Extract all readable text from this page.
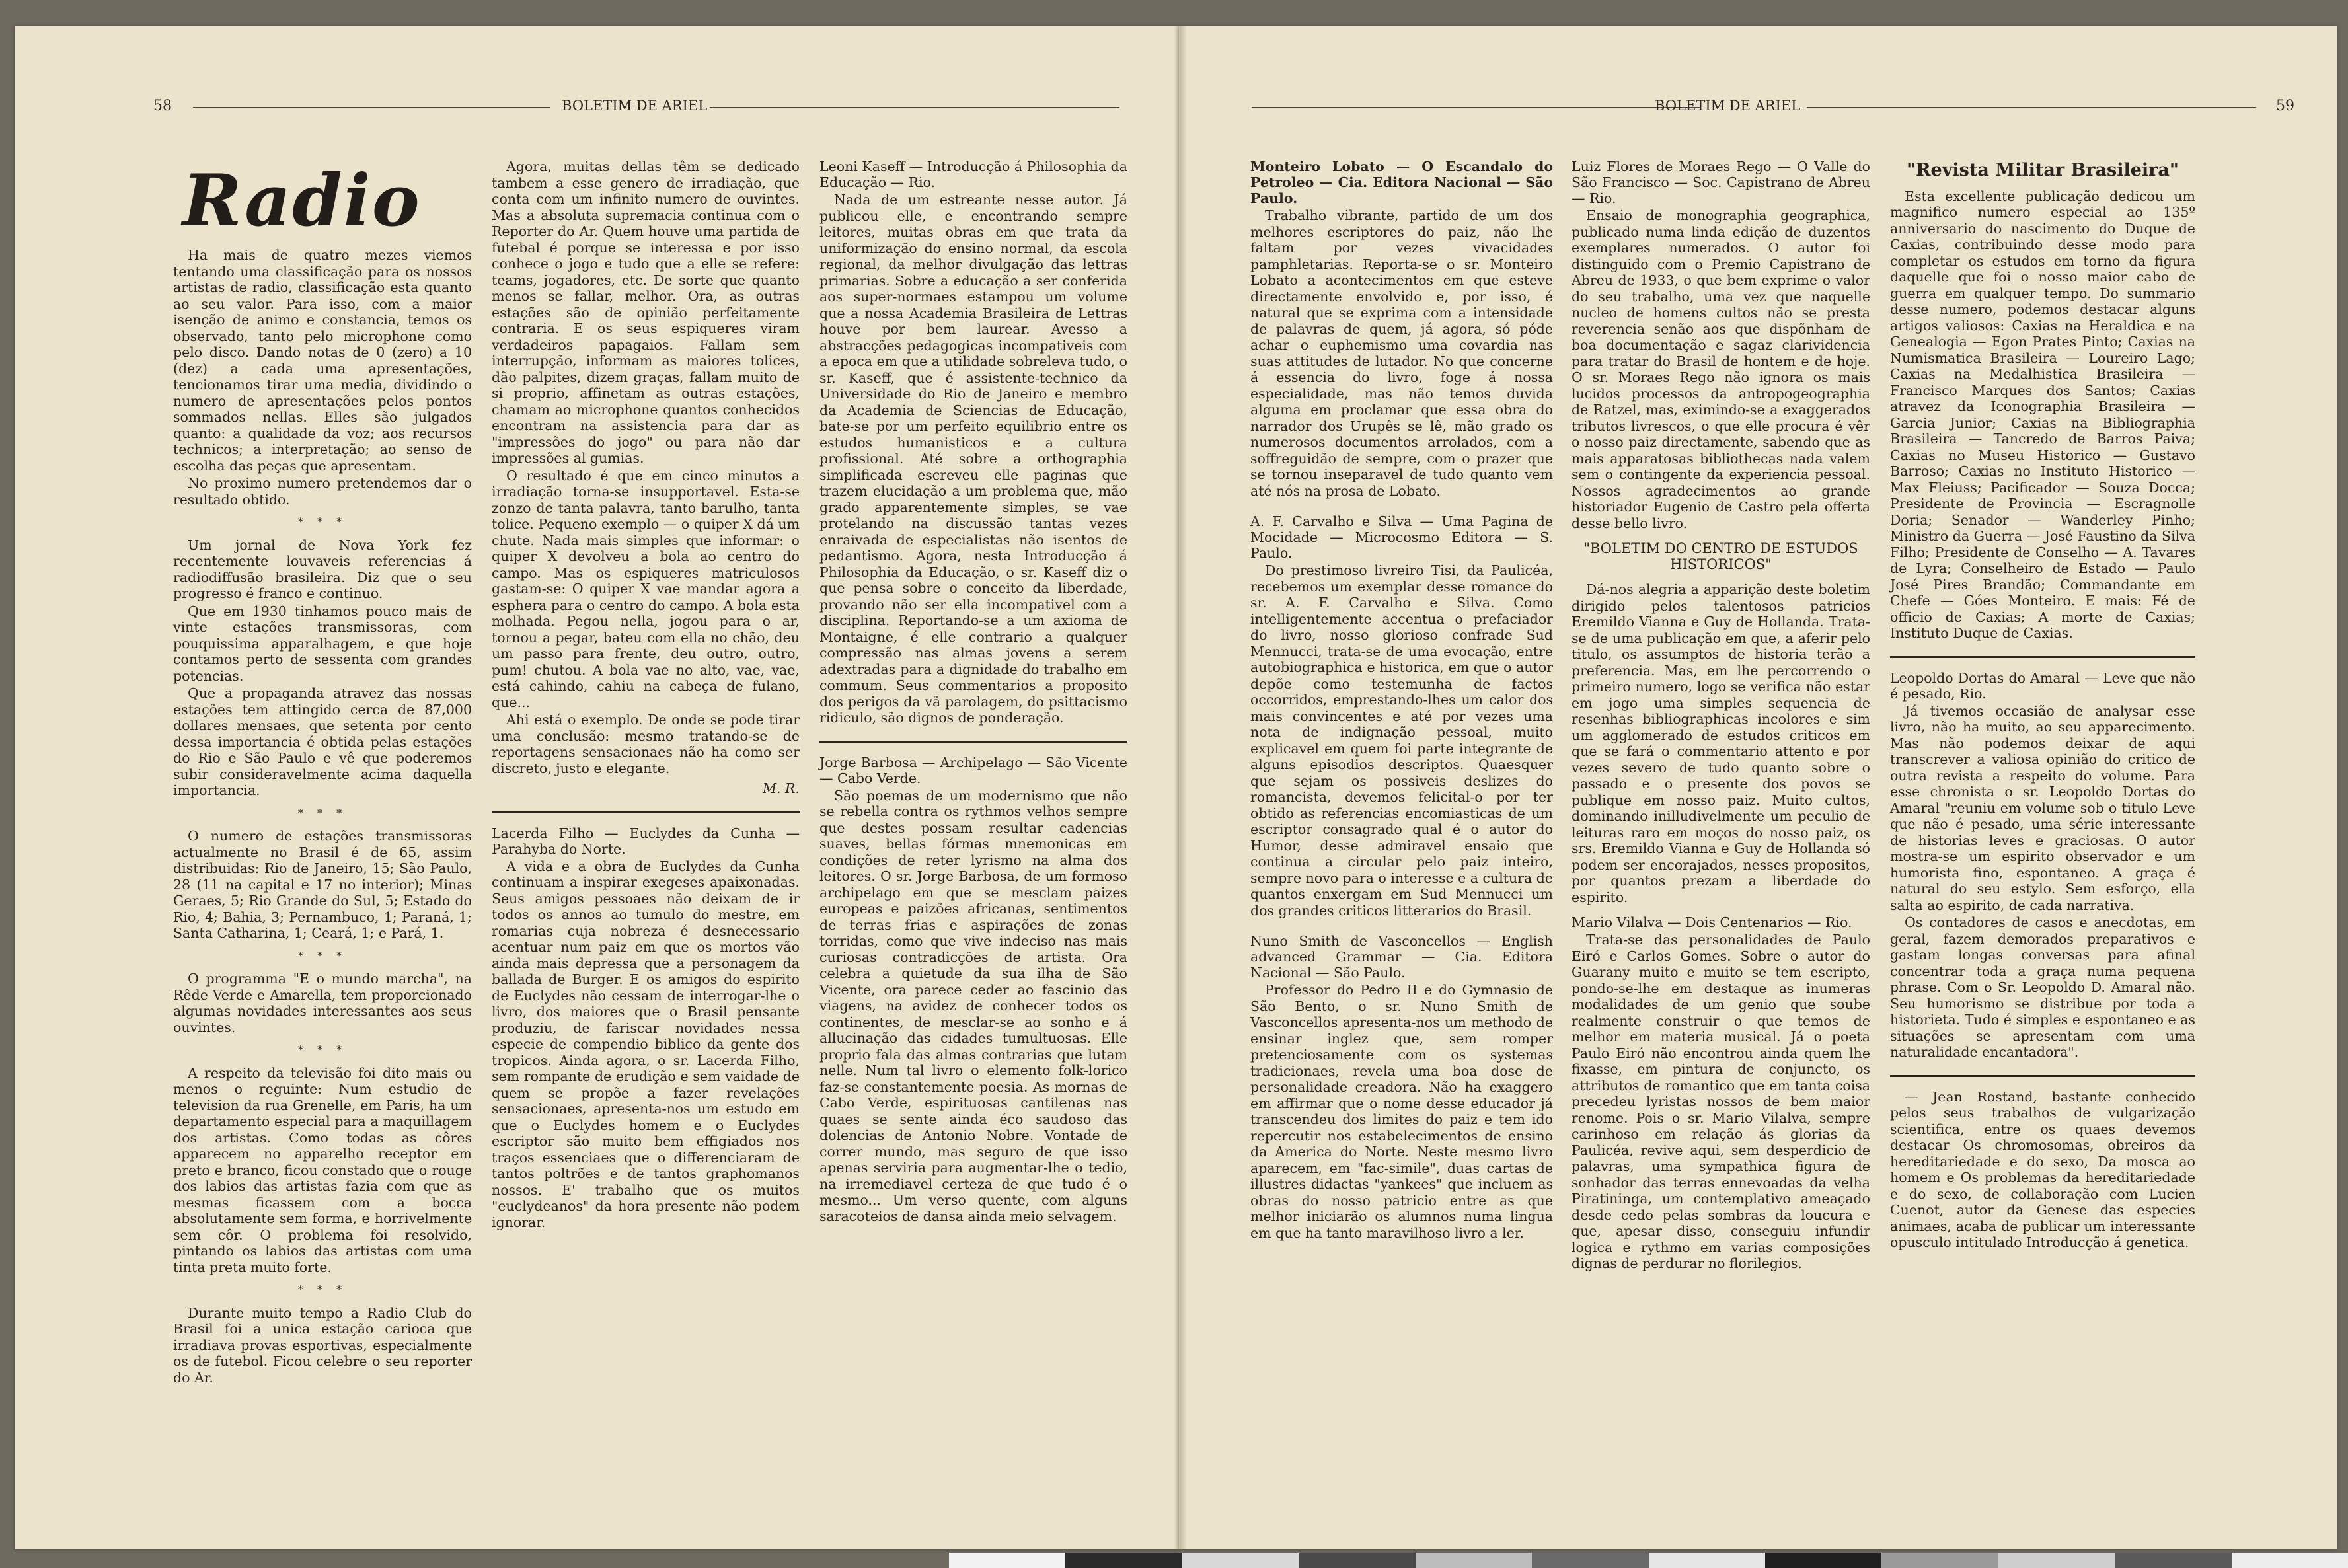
58	BOLETIM DE ARIEL
Radio

Ha mais de quatro mezes viemos tentando uma classificação para os nossos artistas de radio, classificação esta quanto ao seu valor. Para isso, com a maior isenção de animo e constancia, temos os observado, tanto pelo microphone como pelo disco. Dando notas de 0 (zero) a 10 (dez) a cada uma apresentações, tencionamos tirar uma media, dividindo o numero de apresentações pelos pontos sommados nellas. Elles são julgados quanto: a qualidade da voz; aos recursos technicos; a interpretação; ao senso de escolha das peças que apresentam.

No proximo numero pretendemos dar o resultado obtido.

* * *

Um jornal de Nova York fez recentemente louvaveis referencias á radiodiffusão brasileira. Diz que o seu progresso é franco e continuo.

Que em 1930 tinhamos pouco mais de vinte estações transmissoras, com pouquissima apparalhagem, e que hoje contamos perto de sessenta com grandes potencias.

Que a propaganda atravez das nossas estações tem attingido cerca de 87,000 dollares mensaes, que setenta por cento dessa importancia é obtida pelas estações do Rio e São Paulo e vê que poderemos subir consideravelmente acima daquella importancia.

* * *

O numero de estações transmissoras actualmente no Brasil é de 65, assim distribuidas: Rio de Janeiro, 15; São Paulo, 28 (11 na capital e 17 no interior); Minas Geraes, 5; Rio Grande do Sul, 5; Estado do Rio, 4; Bahia, 3; Pernambuco, 1; Paraná, 1; Santa Catharina, 1; Ceará, 1; e Pará, 1.

* * *

O programma "E o mundo marcha", na Rêde Verde e Amarella, tem proporcionado algumas novidades interessantes aos seus ouvintes.

* * *

A respeito da televisão foi dito mais ou menos o reguinte: Num estudio de television da rua Grenelle, em Paris, ha um departamento especial para a maquillagem dos artistas. Como todas as côres apparecem no apparelho receptor em preto e branco, ficou constado que o rouge dos labios das artistas fazia com que as mesmas ficassem com a bocca absolutamente sem forma, e horrivelmente sem côr. O problema foi resolvido, pintando os labios das artistas com uma tinta preta muito forte.

* * *

Durante muito tempo a Radio Club do Brasil foi a unica estação carioca que irradiava provas esportivas, especialmente os de futebol. Ficou celebre o seu reporter do Ar.

Agora, muitas dellas têm se dedicado tambem a esse genero de irradiação, que conta com um infinito numero de ouvintes. Mas a absoluta supremacia continua com o Reporter do Ar. Quem houve uma partida de futebal é porque se interessa e por isso conhece o jogo e tudo que a elle se refere: teams, jogadores, etc. De sorte que quanto menos se fallar, melhor. Ora, as outras estações são de opinião perfeitamente contraria. E os seus espiqueres viram verdadeiros papagaios. Fallam sem interrupção, informam as maiores tolices, dão palpites, dizem graças, fallam muito de si proprio, affinetam as outras estações, chamam ao microphone quantos conhecidos encontram na assistencia para dar as "impressões do jogo" ou para não dar impressões al gumias.

O resultado é que em cinco minutos a irradiação torna-se insupportavel. Esta-se zonzo de tanta palavra, tanto barulho, tanta tolice. Pequeno exemplo — o quiper X dá um chute. Nada mais simples que informar: o quiper X devolveu a bola ao centro do campo. Mas os espiqueres matriculosos gastam-se: O quiper X vae mandar agora a esphera para o centro do campo. A bola esta molhada. Pegou nella, jogou para o ar, tornou a pegar, bateu com ella no chão, deu um passo para frente, deu outro, outro, pum! chutou. A bola vae no alto, vae, vae, está cahindo, cahiu na cabeça de fulano, que...

Ahi está o exemplo. De onde se pode tirar uma conclusão: mesmo tratando-se de reportagens sensacionaes não ha como ser discreto, justo e elegante.

M. R.

Lacerda Filho — Euclydes da Cunha — Parahyba do Norte.

A vida e a obra de Euclydes da Cunha continuam a inspirar exegeses apaixonadas. Seus amigos pessoaes não deixam de ir todos os annos ao tumulo do mestre, em romarias cuja nobreza é desnecessario acentuar num paiz em que os mortos vão ainda mais depressa que a personagem da ballada de Burger. E os amigos do espirito de Euclydes não cessam de interrogar-lhe o livro, dos maiores que o Brasil pensante produziu, de fariscar novidades nessa especie de compendio biblico da gente dos tropicos. Ainda agora, o sr. Lacerda Filho, sem rompante de erudição e sem vaidade de quem se propõe a fazer revelações sensacionaes, apresenta-nos um estudo em que o Euclydes homem e o Euclydes escriptor são muito bem effigiados nos traços essenciaes que o differenciaram de tantos poltrões e de tantos graphomanos nossos. E' trabalho que os muitos "euclydeanos" da hora presente não podem ignorar.

Leoni Kaseff — Introducção á Philosophia da Educação — Rio.

Nada de um estreante nesse autor. Já publicou elle, e encontrando sempre leitores, muitas obras em que trata da uniformização do ensino normal, da escola regional, da melhor divulgação das lettras primarias. Sobre a educação a ser conferida aos super-normaes estampou um volume que a nossa Academia Brasileira de Lettras houve por bem laurear. Avesso a abstracções pedagogicas incompativeis com a epoca em que a utilidade sobreleva tudo, o sr. Kaseff, que é assistente-technico da Universidade do Rio de Janeiro e membro da Academia de Sciencias de Educação, bate-se por um perfeito equilibrio entre os estudos humanisticos e a cultura profissional. Até sobre a orthographia simplificada escreveu elle paginas que trazem elucidação a um problema que, mão grado apparentemente simples, se vae protelando na discussão tantas vezes enraivada de especialistas não isentos de pedantismo. Agora, nesta Introducção á Philosophia da Educação, o sr. Kaseff diz o que pensa sobre o conceito da liberdade, provando não ser ella incompativel com a disciplina. Reportando-se a um axioma de Montaigne, é elle contrario a qualquer compressão nas almas jovens a serem adextradas para a dignidade do trabalho em commum. Seus commentarios a proposito dos perigos da vã parolagem, do psittacismo ridiculo, são dignos de ponderação.

Jorge Barbosa — Archipelago — São Vicente — Cabo Verde.

São poemas de um modernismo que não se rebella contra os rythmos velhos sempre que destes possam resultar cadencias suaves, bellas fórmas mnemonicas em condições de reter lyrismo na alma dos leitores. O sr. Jorge Barbosa, de um formoso archipelago em que se mesclam paizes europeas e paizões africanas, sentimentos de terras frias e aspirações de zonas torridas, como que vive indeciso nas mais curiosas contradicções de artista. Ora celebra a quietude da sua ilha de São Vicente, ora parece ceder ao fascinio das viagens, na avidez de conhecer todos os continentes, de mesclar-se ao sonho e á allucinação das cidades tumultuosas. Elle proprio fala das almas contrarias que lutam nelle. Num tal livro o elemento folk-lorico faz-se constantemente poesia. As mornas de Cabo Verde, espirituosas cantilenas nas quaes se sente ainda éco saudoso das dolencias de Antonio Nobre. Vontade de correr mundo, mas seguro de que isso apenas serviria para augmentar-lhe o tedio, na irremediavel certeza de que tudo é o mesmo... Um verso quente, com alguns saracoteios de dansa ainda meio selvagem.

BOLETIM DE ARIEL	59

Monteiro Lobato — O Escandalo do Petroleo — Cia. Editora Nacional — São Paulo.

Trabalho vibrante, partido de um dos melhores escriptores do paiz, não lhe faltam por vezes vivacidades pamphletarias. Reporta-se o sr. Monteiro Lobato a acontecimentos em que esteve directamente envolvido e, por isso, é natural que se exprima com a intensidade de palavras de quem, já agora, só póde achar o euphemismo uma covardia nas suas attitudes de lutador. No que concerne á essencia do livro, foge á nossa especialidade, mas não temos duvida alguma em proclamar que essa obra do narrador dos Urupês se lê, mão grado os numerosos documentos arrolados, com a soffreguidão de sempre, com o prazer que se tornou inseparavel de tudo quanto vem até nós na prosa de Lobato.

A. F. Carvalho e Silva — Uma Pagina de Mocidade — Microcosmo Editora — S. Paulo.

Do prestimoso livreiro Tisi, da Paulicéa, recebemos um exemplar desse romance do sr. A. F. Carvalho e Silva. Como intelligentemente accentua o prefaciador do livro, nosso glorioso confrade Sud Mennucci, trata-se de uma evocação, entre autobiographica e historica, em que o autor depõe como testemunha de factos occorridos, emprestando-lhes um calor dos mais convincentes e até por vezes uma nota de indignação pessoal, muito explicavel em quem foi parte integrante de alguns episodios descriptos. Quaesquer que sejam os possiveis deslizes do romancista, devemos felicital-o por ter obtido as referencias encomiasticas de um escriptor consagrado qual é o autor do Humor, desse admiravel ensaio que continua a circular pelo paiz inteiro, sempre novo para o interesse e a cultura de quantos enxergam em Sud Mennucci um dos grandes criticos litterarios do Brasil.

Nuno Smith de Vasconcellos — English advanced Grammar — Cia. Editora Nacional — São Paulo.

Professor do Pedro II e do Gymnasio de São Bento, o sr. Nuno Smith de Vasconcellos apresenta-nos um methodo de ensinar inglez que, sem romper pretenciosamente com os systemas tradicionaes, revela uma boa dose de personalidade creadora. Não ha exaggero em affirmar que o nome desse educador já transcendeu dos limites do paiz e tem ido repercutir nos estabelecimentos de ensino da America do Norte. Neste mesmo livro aparecem, em "fac-simile", duas cartas de illustres didactas "yankees" que incluem as obras do nosso patricio entre as que melhor iniciarão os alumnos numa lingua em que ha tanto maravilhoso livro a ler.

Luiz Flores de Moraes Rego — O Valle do São Francisco — Soc. Capistrano de Abreu — Rio.

Ensaio de monographia geographica, publicado numa linda edição de duzentos exemplares numerados. O autor foi distinguido com o Premio Capistrano de Abreu de 1933, o que bem exprime o valor do seu trabalho, uma vez que naquelle nucleo de homens cultos não se presta reverencia senão aos que dispõnham de boa documentação e sagaz clarividencia para tratar do Brasil de hontem e de hoje. O sr. Moraes Rego não ignora os mais lucidos processos da antropogeographia de Ratzel, mas, eximindo-se a exaggerados tributos livrescos, o que elle procura é vêr o nosso paiz directamente, sabendo que as mais apparatosas bibliothecas nada valem sem o contingente da experiencia pessoal. Nossos agradecimentos ao grande historiador Eugenio de Castro pela offerta desse bello livro.

"BOLETIM DO CENTRO DE ESTUDOS HISTORICOS"

Dá-nos alegria a apparição deste boletim dirigido pelos talentosos patricios Eremildo Vianna e Guy de Hollanda. Trata-se de uma publicação em que, a aferir pelo titulo, os assumptos de historia terão a preferencia. Mas, em lhe percorrendo o primeiro numero, logo se verifica não estar em jogo uma simples sequencia de resenhas bibliographicas incolores e sim um agglomerado de estudos criticos em que se fará o commentario attento e por vezes severo de tudo quanto sobre o passado e o presente dos povos se publique em nosso paiz. Muito cultos, dominando inilludivelmente um peculio de leituras raro em moços do nosso paiz, os srs. Eremildo Vianna e Guy de Hollanda só podem ser encorajados, nesses propositos, por quantos prezam a liberdade do espirito.

Mario Vilalva — Dois Centenarios — Rio.

Trata-se das personalidades de Paulo Eiró e Carlos Gomes. Sobre o autor do Guarany muito e muito se tem escripto, pondo-se-lhe em destaque as inumeras modalidades de um genio que soube realmente construir o que temos de melhor em materia musical. Já o poeta Paulo Eiró não encontrou ainda quem lhe fixasse, em pintura de conjuncto, os attributos de romantico que em tanta coisa precedeu lyristas nossos de bem maior renome. Pois o sr. Mario Vilalva, sempre carinhoso em relação ás glorias da Paulicéa, revive aqui, sem desperdicio de palavras, uma sympathica figura de sonhador das terras ennevoadas da velha Piratininga, um contemplativo ameaçado desde cedo pelas sombras da loucura e que, apesar disso, conseguiu infundir logica e rythmo em varias composições dignas de perdurar no florilegios.

"Revista Militar Brasileira"

Esta excellente publicação dedicou um magnifico numero especial ao 135º anniversario do nascimento do Duque de Caxias, contribuindo desse modo para completar os estudos em torno da figura daquelle que foi o nosso maior cabo de guerra em qualquer tempo. Do summario desse numero, podemos destacar alguns artigos valiosos: Caxias na Heraldica e na Genealogia — Egon Prates Pinto; Caxias na Numismatica Brasileira — Loureiro Lago; Caxias na Medalhistica Brasileira — Francisco Marques dos Santos; Caxias atravez da Iconographia Brasileira — Garcia Junior; Caxias na Bibliographia Brasileira — Tancredo de Barros Paiva; Caxias no Museu Historico — Gustavo Barroso; Caxias no Instituto Historico — Max Fleiuss; Pacificador — Souza Docca; Presidente de Provincia — Escragnolle Doria; Senador — Wanderley Pinho; Ministro da Guerra — José Faustino da Silva Filho; Presidente de Conselho — A. Tavares de Lyra; Conselheiro de Estado — Paulo José Pires Brandão; Commandante em Chefe — Góes Monteiro. E mais: Fé de officio de Caxias; A morte de Caxias; Instituto Duque de Caxias.

Leopoldo Dortas do Amaral — Leve que não é pesado, Rio.

Já tivemos occasião de analysar esse livro, não ha muito, ao seu apparecimento. Mas não podemos deixar de aqui transcrever a valiosa opinião do critico de outra revista a respeito do volume. Para esse chronista o sr. Leopoldo Dortas do Amaral "reuniu em volume sob o titulo Leve que não é pesado, uma série interessante de historias leves e graciosas. O autor mostra-se um espirito observador e um humorista fino, espontaneo. A graça é natural do seu estylo. Sem esforço, ella salta ao espirito, de cada narrativa.

Os contadores de casos e anecdotas, em geral, fazem demorados preparativos e gastam longas conversas para afinal concentrar toda a graça numa pequena phrase. Com o Sr. Leopoldo D. Amaral não. Seu humorismo se distribue por toda a historieta. Tudo é simples e espontaneo e as situações se apresentam com uma naturalidade encantadora".

— Jean Rostand, bastante conhecido pelos seus trabalhos de vulgarização scientifica, entre os quaes devemos destacar Os chromosomas, obreiros da hereditariedade e do sexo, Da mosca ao homem e Os problemas da hereditariedade e do sexo, de collaboração com Lucien Cuenot, autor da Genese das especies animaes, acaba de publicar um interessante opusculo intitulado Introducção á genetica.
